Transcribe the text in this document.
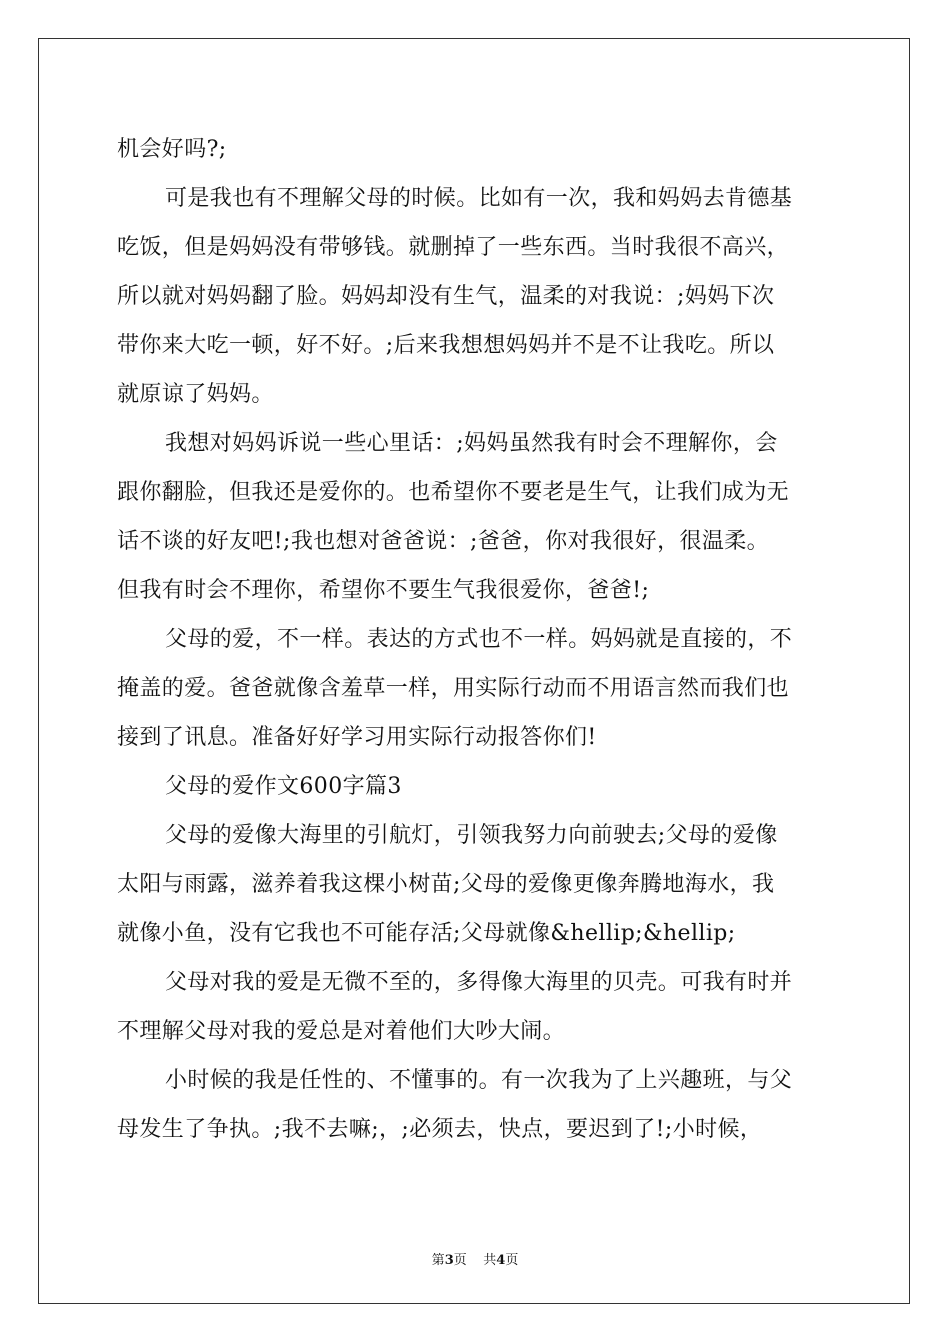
机会好吗?;
可是我也有不理解父母的时候。比如有一次，我和妈妈去肯德基
吃饭，但是妈妈没有带够钱。就删掉了一些东西。当时我很不高兴，
所以就对妈妈翻了脸。妈妈却没有生气，温柔的对我说：;妈妈下次
带你来大吃一顿，好不好。;后来我想想妈妈并不是不让我吃。所以
就原谅了妈妈。
我想对妈妈诉说一些心里话：;妈妈虽然我有时会不理解你，会
跟你翻脸，但我还是爱你的。也希望你不要老是生气，让我们成为无
话不谈的好友吧!;我也想对爸爸说：;爸爸，你对我很好，很温柔。
但我有时会不理你，希望你不要生气我很爱你，爸爸!;
父母的爱，不一样。表达的方式也不一样。妈妈就是直接的，不
掩盖的爱。爸爸就像含羞草一样，用实际行动而不用语言然而我们也
接到了讯息。准备好好学习用实际行动报答你们!
父母的爱作文600字篇3
父母的爱像大海里的引航灯，引领我努力向前驶去;父母的爱像
太阳与雨露，滋养着我这棵小树苗;父母的爱像更像奔腾地海水，我
就像小鱼，没有它我也不可能存活;父母就像&hellip;&hellip;
父母对我的爱是无微不至的，多得像大海里的贝壳。可我有时并
不理解父母对我的爱总是对着他们大吵大闹。
小时候的我是任性的、不懂事的。有一次我为了上兴趣班，与父
母发生了争执。;我不去嘛;，;必须去，快点，要迟到了!;小时候，
第3页    共4页
